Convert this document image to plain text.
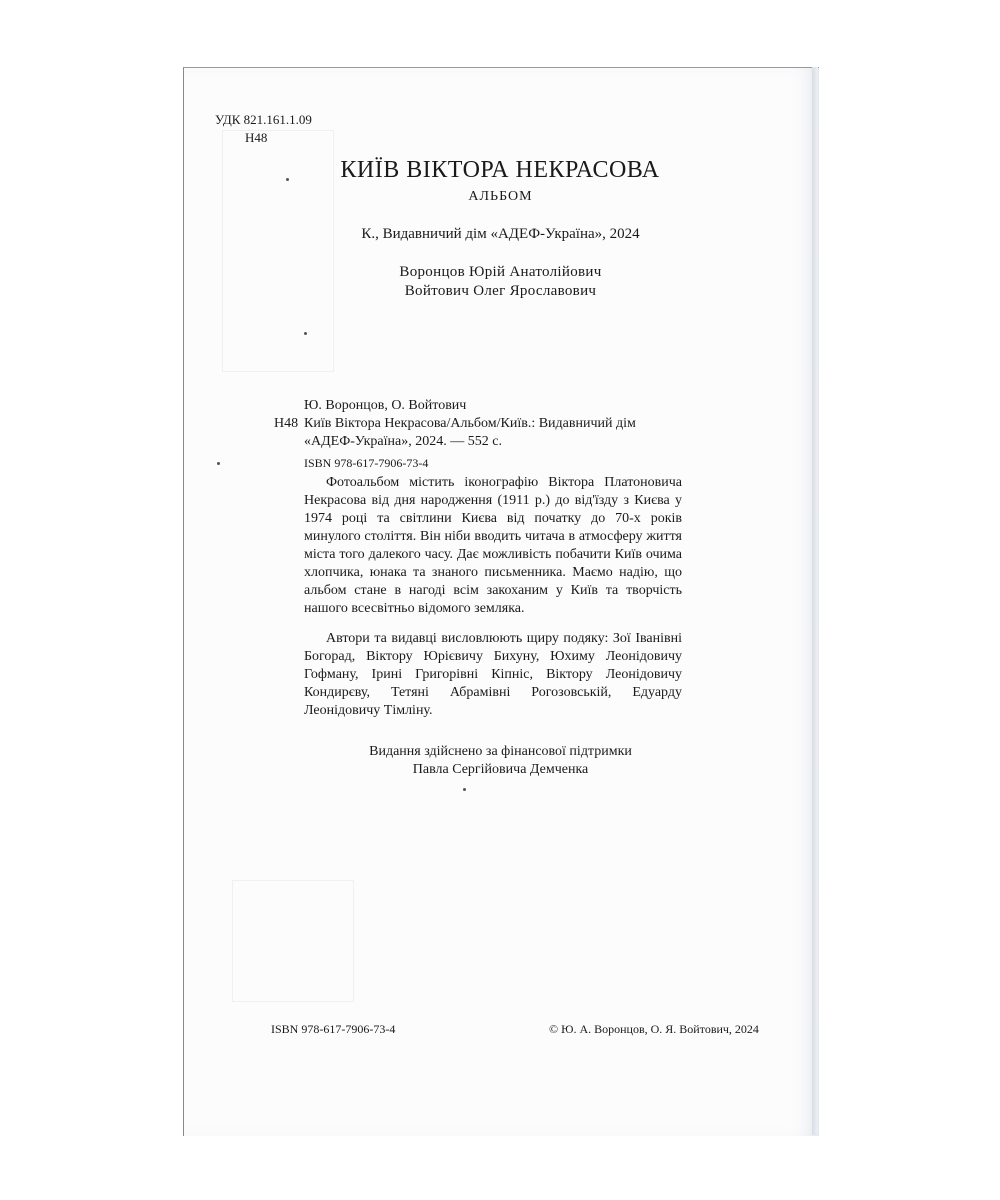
УДК 821.161.1.09
Н48
КИЇВ ВІКТОРА НЕКРАСОВА
АЛЬБОМ
К., Видавничий дім «АДЕФ-Україна», 2024
Воронцов Юрій Анатолійович
Войтович Олег Ярославович
Ю. Воронцов, О. Войтович
Н48 Київ Віктора Некрасова/Альбом/Київ.: Видавничий дім
«АДЕФ-Україна», 2024. — 552 с.
ISBN 978-617-7906-73-4
Фотоальбом містить іконографію Віктора Платоновича Некрасова від дня народження (1911 р.) до від'їзду з Києва у 1974 році та світлини Києва від початку до 70-х років минулого століття. Він ніби вводить читача в атмосферу життя міста того далекого часу. Дає можливість побачити Київ очима хлопчика, юнака та знаного письменника. Маємо надію, що альбом стане в нагоді всім закоханим у Київ та творчість нашого всесвітньо відомого земляка.
Автори та видавці висловлюють щиру подяку: Зої Іванівні Богорад, Віктору Юрієвичу Бихуну, Юхиму Леонідовичу Гофману, Ірині Григорівні Кіпніс, Віктору Леонідовичу Кондирєву, Тетяні Абрамівні Рогозовській, Едуарду Леонідовичу Тімліну.
Видання здійснено за фінансової підтримки
Павла Сергійовича Демченка
ISBN 978-617-7906-73-4	© Ю. А. Воронцов, О. Я. Войтович, 2024
